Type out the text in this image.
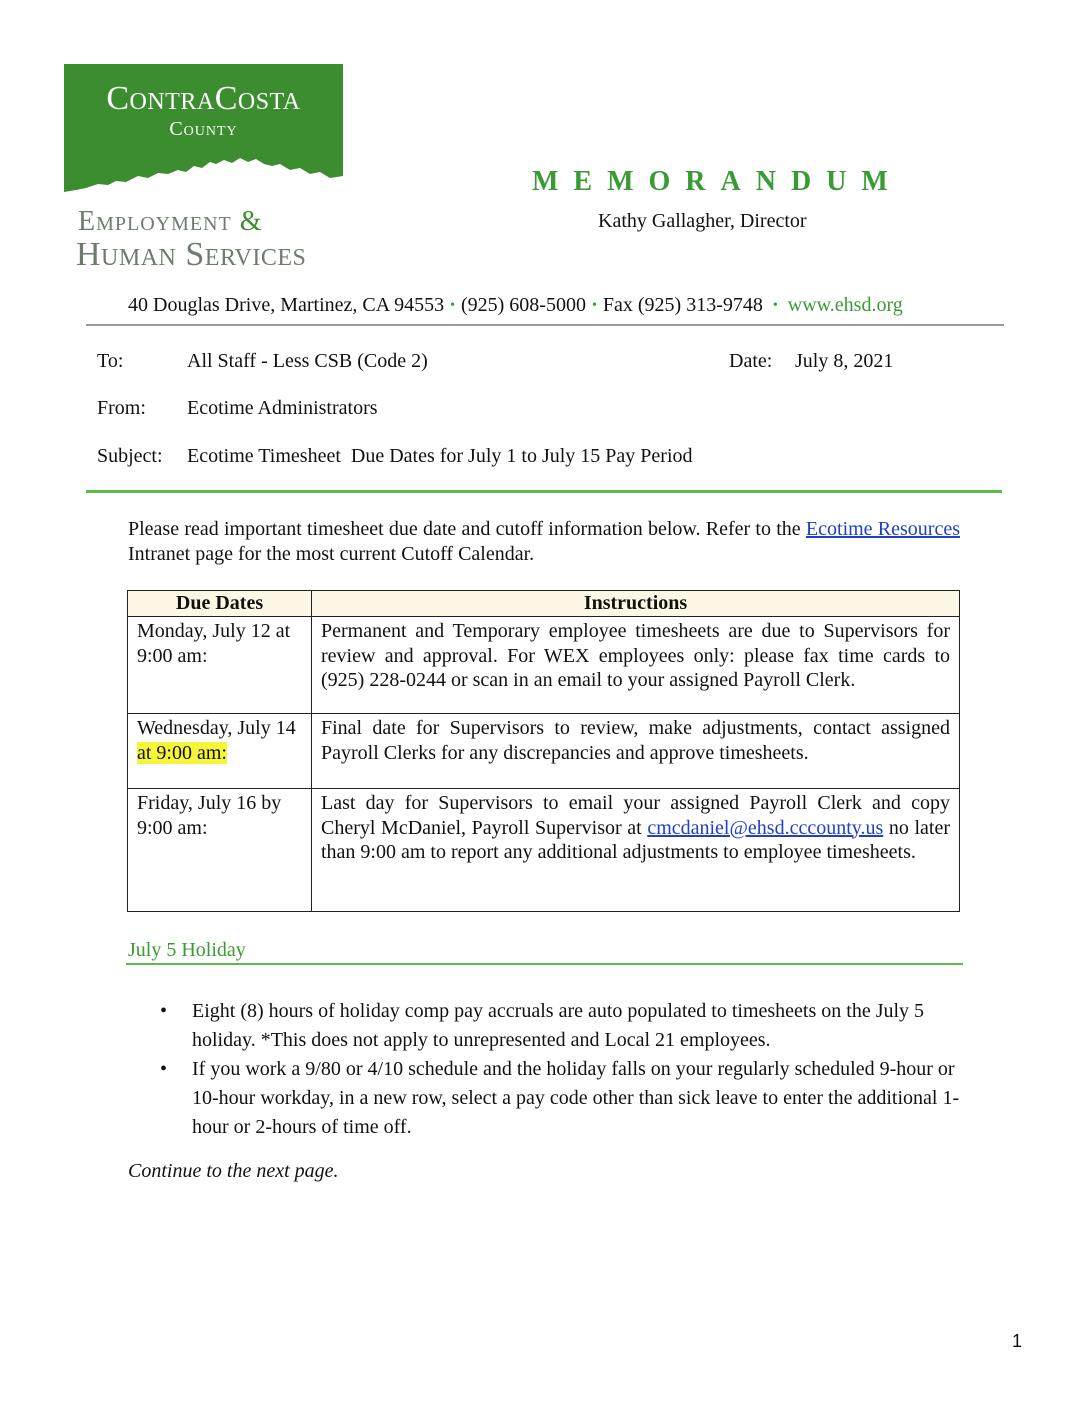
ContraCosta
County
Employment &
Human Services
MEMORANDUM
Kathy Gallagher, Director
40 Douglas Drive, Martinez, CA 94553 • (925) 608-5000 • Fax (925) 313-9748 • www.ehsd.org
To:	All Staff - Less CSB (Code 2)	Date: July 8, 2021
From: Ecotime Administrators
Subject: Ecotime Timesheet  Due Dates for July 1 to July 15 Pay Period
Please read important timesheet due date and cutoff information below. Refer to the Ecotime Resources Intranet page for the most current Cutoff Calendar.
Due Dates	Instructions
Monday, July 12 at 9:00 am:	Permanent and Temporary employee timesheets are due to Supervisors for review and approval. For WEX employees only: please fax time cards to (925) 228-0244 or scan in an email to your assigned Payroll Clerk.
Wednesday, July 14 at 9:00 am:	Final date for Supervisors to review, make adjustments, contact assigned Payroll Clerks for any discrepancies and approve timesheets.
Friday, July 16 by 9:00 am:	Last day for Supervisors to email your assigned Payroll Clerk and copy Cheryl McDaniel, Payroll Supervisor at cmcdaniel@ehsd.cccounty.us no later than 9:00 am to report any additional adjustments to employee timesheets.
July 5 Holiday
• Eight (8) hours of holiday comp pay accruals are auto populated to timesheets on the July 5 holiday. *This does not apply to unrepresented and Local 21 employees.
• If you work a 9/80 or 4/10 schedule and the holiday falls on your regularly scheduled 9-hour or 10-hour workday, in a new row, select a pay code other than sick leave to enter the additional 1-hour or 2-hours of time off.
Continue to the next page.
1
